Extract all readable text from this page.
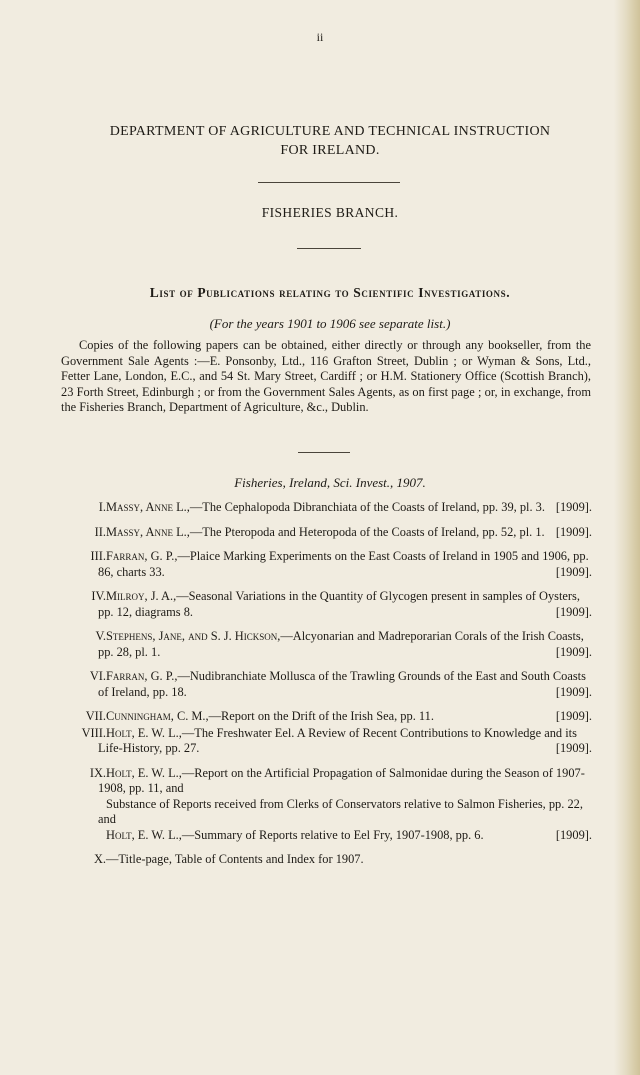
ii
DEPARTMENT OF AGRICULTURE AND TECHNICAL INSTRUCTION
FOR IRELAND.
FISHERIES BRANCH.
List of Publications relating to Scientific Investigations.
(For the years 1901 to 1906 see separate list.)
Copies of the following papers can be obtained, either directly or through any bookseller, from the Government Sale Agents :—E. Ponsonby, Ltd., 116 Grafton Street, Dublin ; or Wyman & Sons, Ltd., Fetter Lane, London, E.C., and 54 St. Mary Street, Cardiff ; or H.M. Stationery Office (Scottish Branch), 23 Forth Street, Edinburgh ; or from the Government Sales Agents, as on first page ; or, in exchange, from the Fisheries Branch, Department of Agriculture, &c., Dublin.
Fisheries, Ireland, Sci. Invest., 1907.
I. Massy, Anne L.,—The Cephalopoda Dibranchiata of the Coasts of Ireland, pp. 39, pl. 3. [1909].
II. Massy, Anne L.,—The Pteropoda and Heteropoda of the Coasts of Ireland, pp. 52, pl. 1. [1909].
III. Farran, G. P.,—Plaice Marking Experiments on the East Coasts of Ireland in 1905 and 1906, pp. 86, charts 33.	[1909].
IV. Milroy, J. A.,—Seasonal Variations in the Quantity of Glycogen present in samples of Oysters, pp. 12, diagrams 8.	[1909].
V. Stephens, Jane, and S. J. Hickson,—Alcyonarian and Madreporarian Corals of the Irish Coasts, pp. 28, pl. 1.	[1909].
VI. Farran, G. P.,—Nudibranchiate Mollusca of the Trawling Grounds of the East and South Coasts of Ireland, pp. 18.	[1909].
VII. Cunningham, C. M.,—Report on the Drift of the Irish Sea, pp. 11.	[1909].
VIII. Holt, E. W. L.,—The Freshwater Eel. A Review of Recent Contributions to Knowledge and its Life-History, pp. 27.	[1909].
IX. Holt, E. W. L.,—Report on the Artificial Propagation of Salmonidae during the Season of 1907-1908, pp. 11, and
Substance of Reports received from Clerks of Conservators relative to Salmon Fisheries, pp. 22, and
Holt, E. W. L.,—Summary of Reports relative to Eel Fry, 1907-1908, pp. 6.	[1909].
X. —Title-page, Table of Contents and Index for 1907.
